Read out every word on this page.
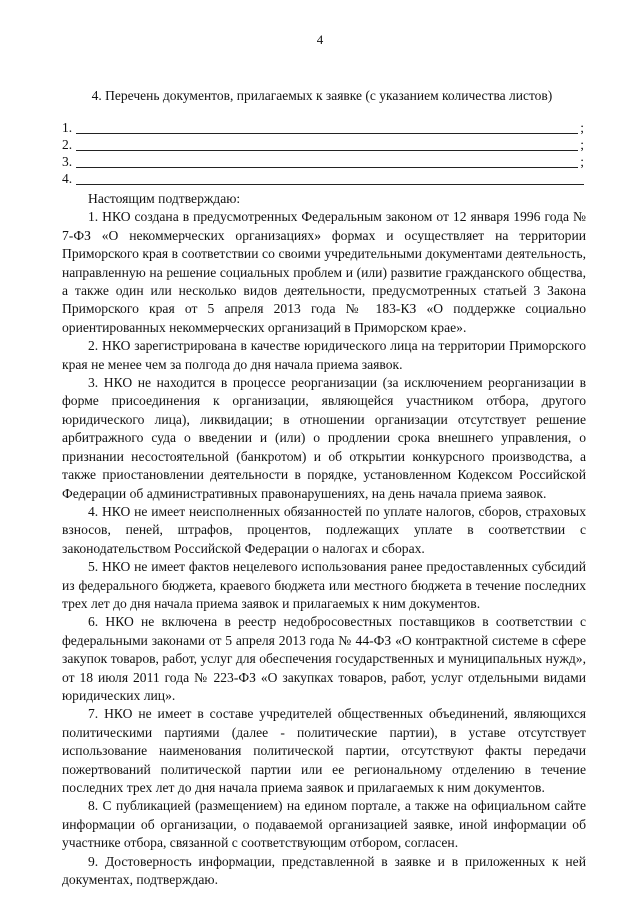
4
4. Перечень документов, прилагаемых к заявке (с указанием количества листов)
1.	;
2.	;
3.	;
4.

Настоящим подтверждаю:

1. НКО создана в предусмотренных Федеральным законом от 12 января 1996 года № 7-ФЗ «О некоммерческих организациях» формах и осуществляет на территории Приморского края в соответствии со своими учредительными документами деятельность, направленную на решение социальных проблем и (или) развитие гражданского общества, а также один или несколько видов деятельности, предусмотренных статьей 3 Закона Приморского края от 5 апреля 2013 года № 183-КЗ «О поддержке социально ориентированных некоммерческих организаций в Приморском крае».

2. НКО зарегистрирована в качестве юридического лица на территории Приморского края не менее чем за полгода до дня начала приема заявок.

3. НКО не находится в процессе реорганизации (за исключением реорганизации в форме присоединения к организации, являющейся участником отбора, другого юридического лица), ликвидации; в отношении организации отсутствует решение арбитражного суда о введении и (или) о продлении срока внешнего управления, о признании несостоятельной (банкротом) и об открытии конкурсного производства, а также приостановлении деятельности в порядке, установленном Кодексом Российской Федерации об административных правонарушениях, на день начала приема заявок.

4. НКО не имеет неисполненных обязанностей по уплате налогов, сборов, страховых взносов, пеней, штрафов, процентов, подлежащих уплате в соответствии с законодательством Российской Федерации о налогах и сборах.

5. НКО не имеет фактов нецелевого использования ранее предоставленных субсидий из федерального бюджета, краевого бюджета или местного бюджета в течение последних трех лет до дня начала приема заявок и прилагаемых к ним документов.

6. НКО не включена в реестр недобросовестных поставщиков в соответствии с федеральными законами от 5 апреля 2013 года № 44-ФЗ «О контрактной системе в сфере закупок товаров, работ, услуг для обеспечения государственных и муниципальных нужд», от 18 июля 2011 года № 223-ФЗ «О закупках товаров, работ, услуг отдельными видами юридических лиц».

7. НКО не имеет в составе учредителей общественных объединений, являющихся политическими партиями (далее - политические партии), в уставе отсутствует использование наименования политической партии, отсутствуют факты передачи пожертвований политической партии или ее региональному отделению в течение последних трех лет до дня начала приема заявок и прилагаемых к ним документов.

8. С публикацией (размещением) на едином портале, а также на официальном сайте информации об организации, о подаваемой организацией заявке, иной информации об участнике отбора, связанной с соответствующим отбором, согласен.

9. Достоверность информации, представленной в заявке и в приложенных к ней документах, подтверждаю.
